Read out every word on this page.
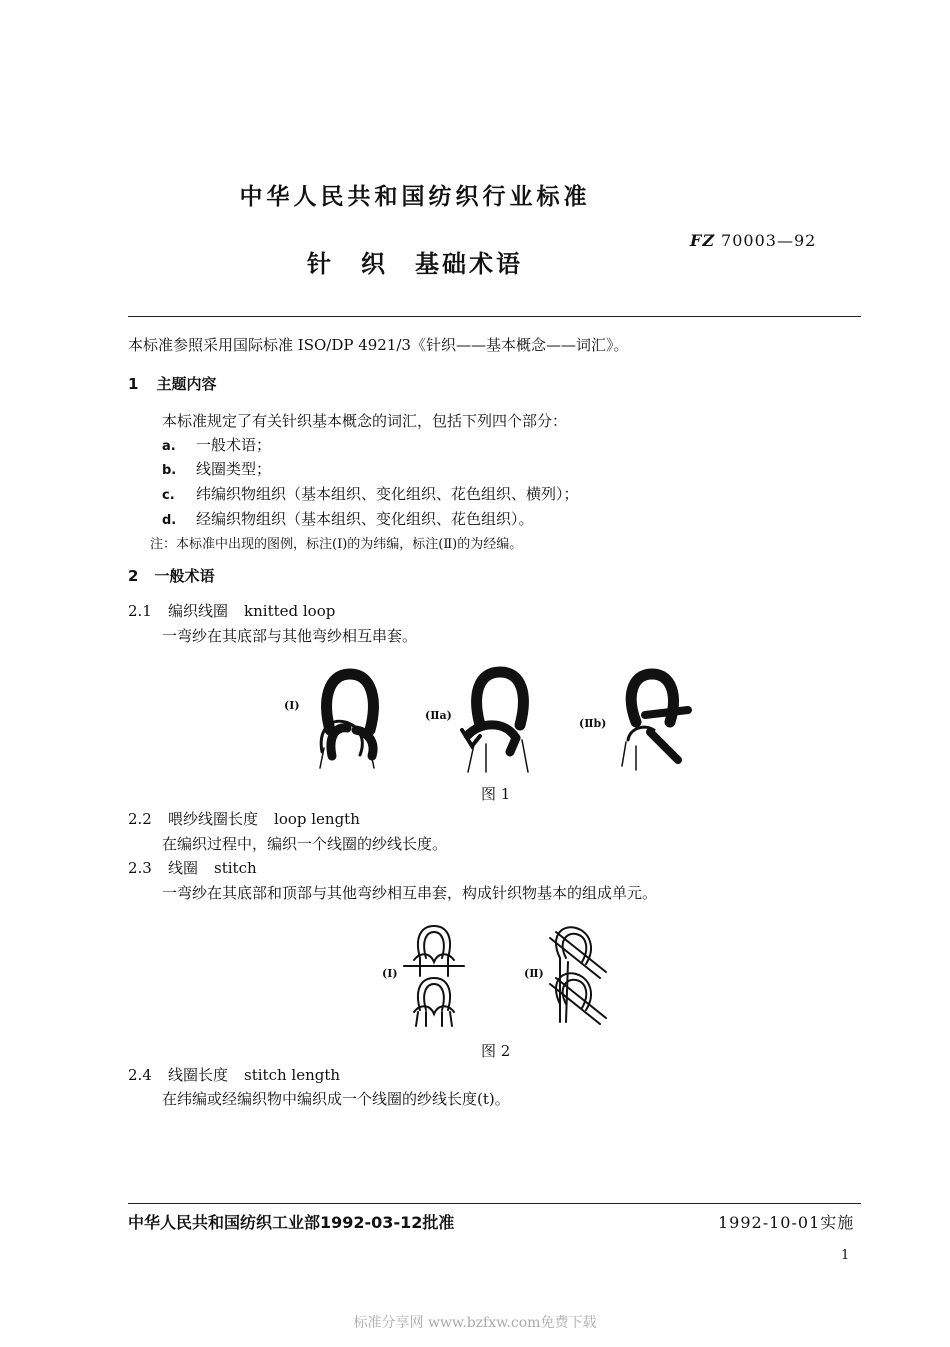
中华人民共和国纺织行业标准
FZ 70003—92
针　织　基础术语
本标准参照采用国际标准 ISO/DP 4921/3《针织——基本概念——词汇》。
1 主题内容
本标准规定了有关针织基本概念的词汇，包括下列四个部分：
a. 一般术语；
b. 线圈类型；
c. 纬编织物组织（基本组织、变化组织、花色组织、横列）；
d. 经编织物组织（基本组织、变化组织、花色组织）。
注：本标准中出现的图例，标注(I)的为纬编，标注(Ⅱ)的为经编。
2 一般术语
2.1 编织线圈 knitted loop
一弯纱在其底部与其他弯纱相互串套。
(I)
(Ⅱa)
(Ⅱb)
图 1
2.2 喂纱线圈长度 loop length
在编织过程中，编织一个线圈的纱线长度。
2.3 线圈 stitch
一弯纱在其底部和顶部与其他弯纱相互串套，构成针织物基本的组成单元。
(I)	(Ⅱ)
图 2
2.4 线圈长度 stitch length
在纬编或经编织物中编织成一个线圈的纱线长度(t)。
中华人民共和国纺织工业部1992-03-12批准	1992-10-01实施
1
标准分享网 www.bzfxw.com免费下载
